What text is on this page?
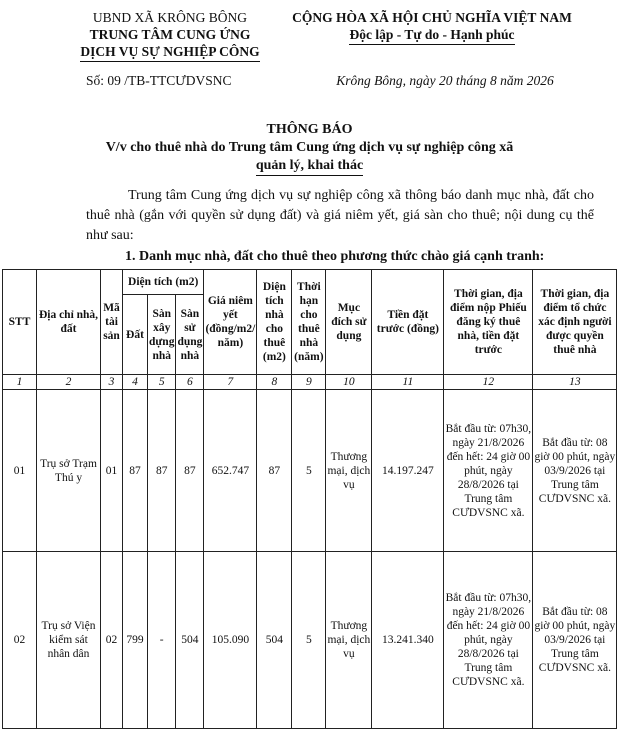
UBND XÃ KRÔNG BÔNG
TRUNG TÂM CUNG ỨNG
DỊCH VỤ SỰ NGHIỆP CÔNG
CỘNG HÒA XÃ HỘI CHỦ NGHĨA VIỆT NAM
Độc lập - Tự do - Hạnh phúc
Số: 09 /TB-TTCƯDVSNC	Krông Bông, ngày 20 tháng 8 năm 2026
THÔNG BÁO
V/v cho thuê nhà do Trung tâm Cung ứng dịch vụ sự nghiệp công xã
quản lý, khai thác
Trung tâm Cung ứng dịch vụ sự nghiệp công xã thông báo danh mục nhà, đất cho thuê nhà (gắn với quyền sử dụng đất) và giá niêm yết, giá sàn cho thuê; nội dung cụ thể như sau:
1. Danh mục nhà, đất cho thuê theo phương thức chào giá cạnh tranh:
STT	Địa chỉ nhà, đất	Mã tài sản	Diện tích (m2)			Giá niêm yết (đồng/m2/ năm)	Diện tích nhà cho thuê (m2)	Thời hạn cho thuê nhà (năm)	Mục đích sử dụng	Tiền đặt trước (đồng)	Thời gian, địa điểm nộp Phiếu đăng ký thuê nhà, tiền đặt trước	Thời gian, địa điểm tổ chức xác định người được quyền thuê nhà
			Đất	Sàn xây dựng nhà	Sàn sử dụng nhà							
1	2	3	4	5	6	7	8	9	10	11	12	13
01	Trụ sở Trạm Thú y	01	87	87	87	652.747	87	5	Thương mại, dịch vụ	14.197.247	Bắt đầu từ: 07h30, ngày 21/8/2026 đến hết: 24 giờ 00 phút, ngày 28/8/2026 tại Trung tâm CƯDVSNC xã.	Bắt đầu từ: 08 giờ 00 phút, ngày 03/9/2026 tại Trung tâm CƯDVSNC xã.
02	Trụ sở Viện kiểm sát nhân dân	02	799	-	504	105.090	504	5	Thương mại, dịch vụ	13.241.340	Bắt đầu từ: 07h30, ngày 21/8/2026 đến hết: 24 giờ 00 phút, ngày 28/8/2026 tại Trung tâm CƯDVSNC xã.	Bắt đầu từ: 08 giờ 00 phút, ngày 03/9/2026 tại Trung tâm CƯDVSNC xã.
